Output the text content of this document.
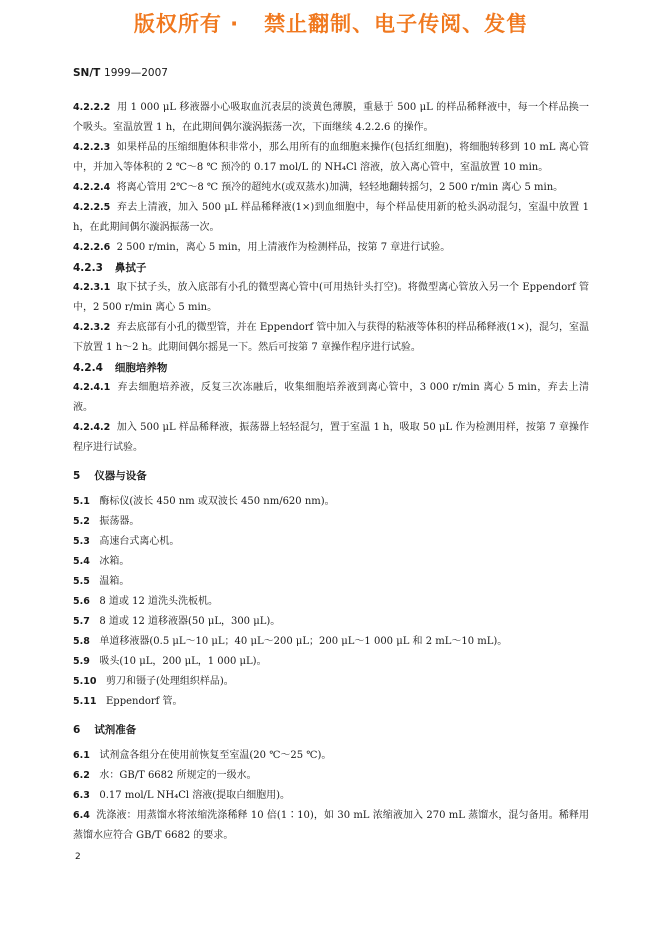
版权所有 ·   禁止翻制、电子传阅、发售
SN/T 1999—2007
4.2.2.2 用 1 000 μL 移液器小心吸取血沉表层的淡黄色薄膜，重悬于 500 μL 的样品稀释液中，每一个样品换一个吸头。室温放置 1 h，在此期间偶尔漩涡振荡一次，下面继续 4.2.2.6 的操作。
4.2.2.3 如果样品的压缩细胞体积非常小，那么用所有的血细胞来操作(包括红细胞)，将细胞转移到 10 mL 离心管中，并加入等体积的 2 ℃～8 ℃ 预冷的 0.17 mol/L 的 NH₄Cl 溶液，放入离心管中，室温放置 10 min。
4.2.2.4 将离心管用 2℃～8 ℃ 预冷的超纯水(或双蒸水)加满，轻轻地翻转摇匀，2 500 r/min 离心 5 min。
4.2.2.5 弃去上清液，加入 500 μL 样品稀释液(1×)到血细胞中，每个样品使用新的枪头涡动混匀，室温中放置 1 h，在此期间偶尔漩涡振荡一次。
4.2.2.6 2 500 r/min，离心 5 min，用上清液作为检测样品，按第 7 章进行试验。
4.2.3 鼻拭子
4.2.3.1 取下拭子头，放入底部有小孔的微型离心管中(可用热针头打空)。将微型离心管放入另一个 Eppendorf 管中，2 500 r/min 离心 5 min。
4.2.3.2 弃去底部有小孔的微型管，并在 Eppendorf 管中加入与获得的粘液等体积的样品稀释液(1×)，混匀，室温下放置 1 h～2 h。此期间偶尔摇晃一下。然后可按第 7 章操作程序进行试验。
4.2.4 细胞培养物
4.2.4.1 弃去细胞培养液，反复三次冻融后，收集细胞培养液到离心管中，3 000 r/min 离心 5 min，弃去上清液。
4.2.4.2 加入 500 μL 样品稀释液，振荡器上轻轻混匀，置于室温 1 h，吸取 50 μL 作为检测用样，按第 7 章操作程序进行试验。
5 仪器与设备
5.1 酶标仪(波长 450 nm 或双波长 450 nm/620 nm)。
5.2 振荡器。
5.3 高速台式离心机。
5.4 冰箱。
5.5 温箱。
5.6 8 道或 12 道洗头洗板机。
5.7 8 道或 12 道移液器(50 μL，300 μL)。
5.8 单道移液器(0.5 μL～10 μL；40 μL～200 μL；200 μL～1 000 μL 和 2 mL～10 mL)。
5.9 吸头(10 μL，200 μL，1 000 μL)。
5.10 剪刀和镊子(处理组织样品)。
5.11 Eppendorf 管。
6 试剂准备
6.1 试剂盒各组分在使用前恢复至室温(20 ℃～25 ℃)。
6.2 水：GB/T 6682 所规定的一级水。
6.3 0.17 mol/L NH₄Cl 溶液(提取白细胞用)。
6.4 洗涤液：用蒸馏水将浓缩洗涤稀释 10 倍(1∶10)，如 30 mL 浓缩液加入 270 mL 蒸馏水，混匀备用。稀释用蒸馏水应符合 GB/T 6682 的要求。
2
